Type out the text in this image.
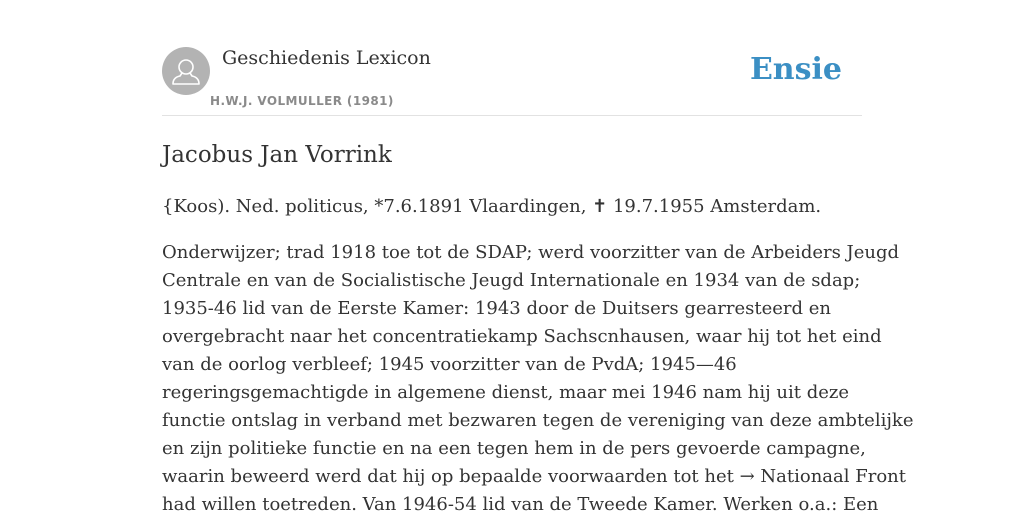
Geschiedenis Lexicon
H.W.J. VOLMULLER (1981)
Ensie
Jacobus Jan Vorrink

{Koos). Ned. politicus, *7.6.1891 Vlaardingen, ✝ 19.7.1955 Amsterdam.

Onderwijzer; trad 1918 toe tot de SDAP; werd voorzitter van de Arbeiders Jeugd
Centrale en van de Socialistische Jeugd Internationale en 1934 van de sdap;
1935-46 lid van de Eerste Kamer: 1943 door de Duitsers gearresteerd en
overgebracht naar het concentratiekamp Sachscnhausen, waar hij tot het eind
van de oorlog verbleef; 1945 voorzitter van de PvdA; 1945—46
regeringsgemachtigde in algemene dienst, maar mei 1946 nam hij uit deze
functie ontslag in verband met bezwaren tegen de vereniging van deze ambtelijke
en zijn politieke functie en na een tegen hem in de pers gevoerde campagne,
waarin beweerd werd dat hij op bepaalde voorwaarden tot het → Nationaal Front
had willen toetreden. Van 1946-54 lid van de Tweede Kamer. Werken o.a.: Een
